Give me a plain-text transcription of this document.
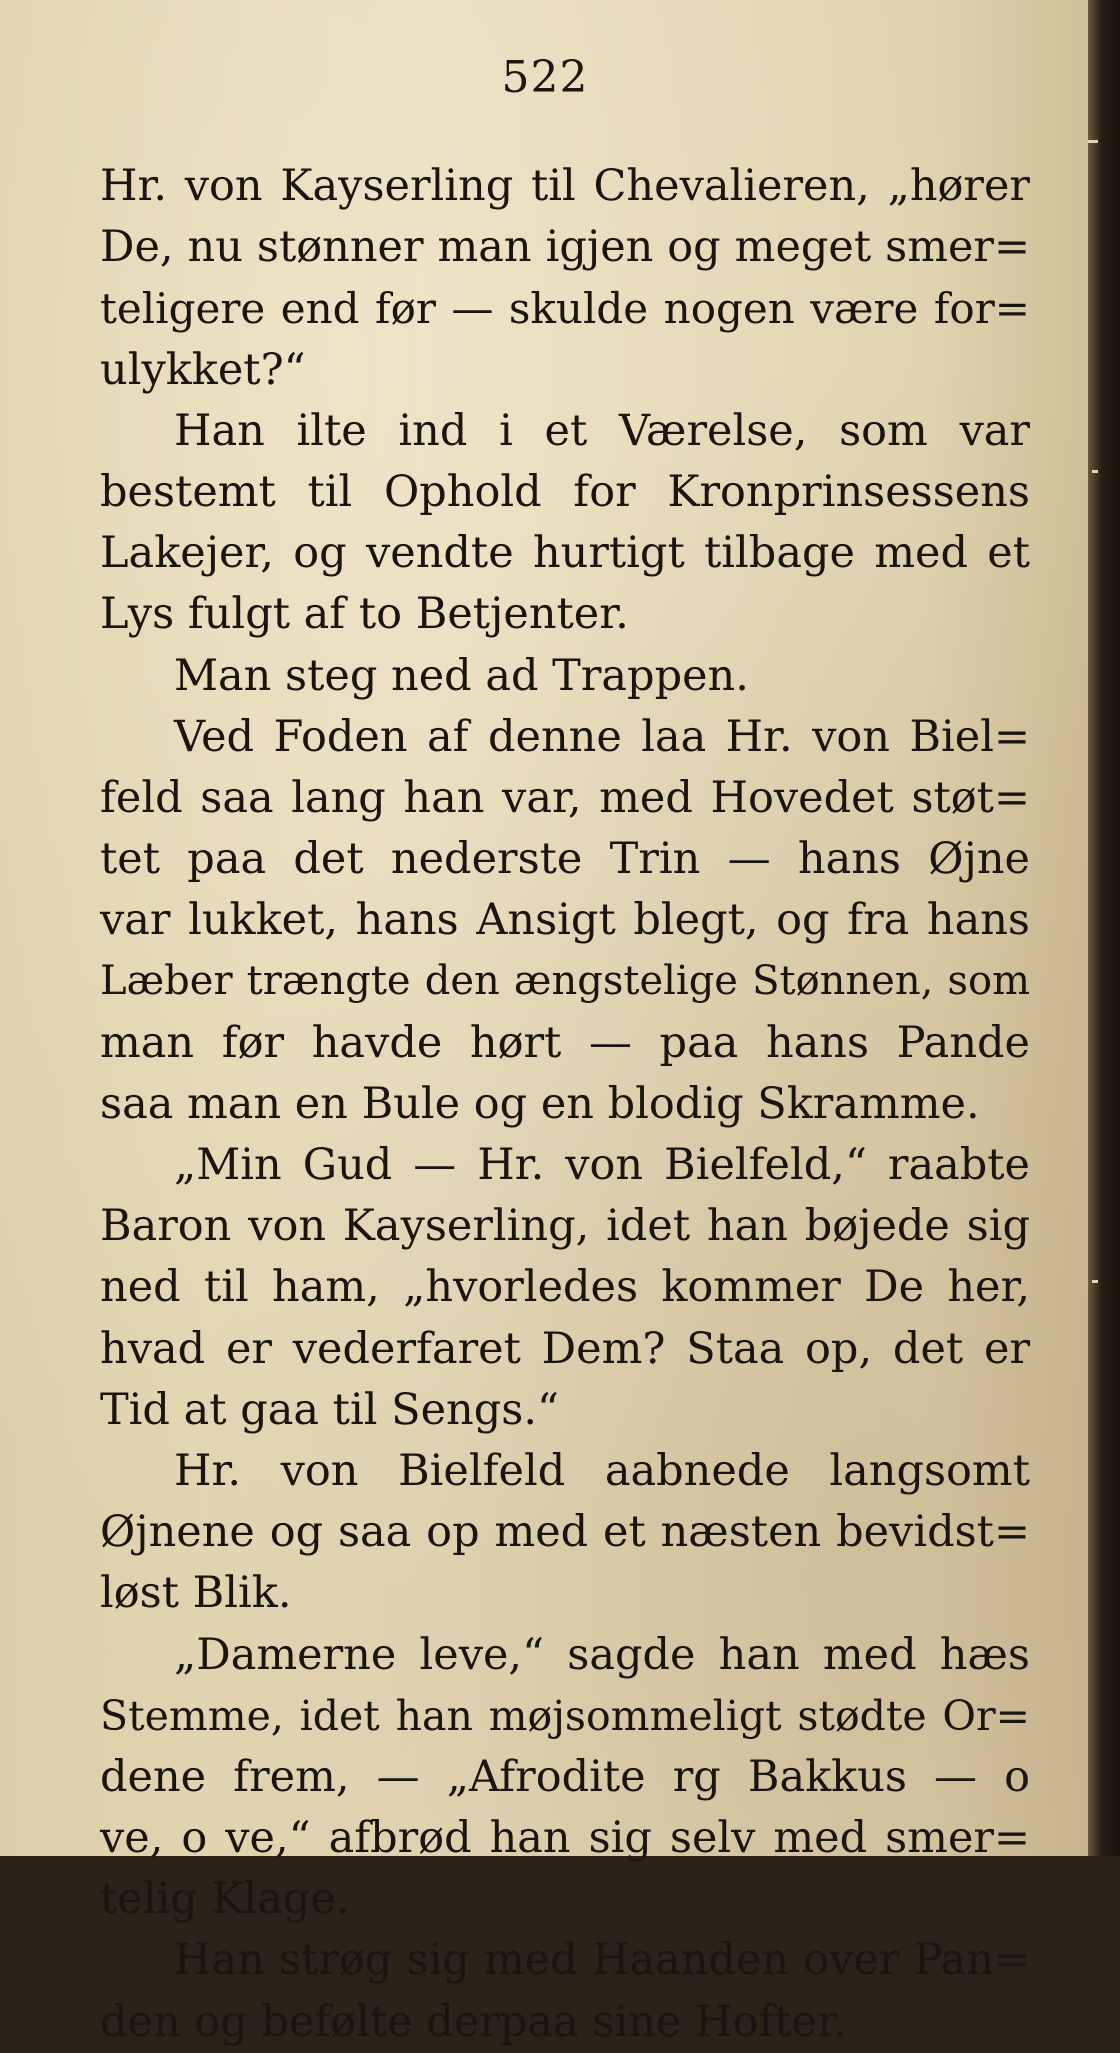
522
Hr. von Kayserling til Chevalieren, „hører
De, nu stønner man igjen og meget smer=
teligere end før — skulde nogen være for=
ulykket?“
Han ilte ind i et Værelse, som var
bestemt til Ophold for Kronprinsessens
Lakejer, og vendte hurtigt tilbage med et
Lys fulgt af to Betjenter.
Man steg ned ad Trappen.
Ved Foden af denne laa Hr. von Biel=
feld saa lang han var, med Hovedet støt=
tet paa det nederste Trin — hans Øjne
var lukket, hans Ansigt blegt, og fra hans
Læber trængte den ængstelige Stønnen, som
man før havde hørt — paa hans Pande
saa man en Bule og en blodig Skramme.
„Min Gud — Hr. von Bielfeld,“ raabte
Baron von Kayserling, idet han bøjede sig
ned til ham, „hvorledes kommer De her,
hvad er vederfaret Dem? Staa op, det er
Tid at gaa til Sengs.“
Hr. von Bielfeld aabnede langsomt
Øjnene og saa op med et næsten bevidst=
løst Blik.
„Damerne leve,“ sagde han med hæs
Stemme, idet han møjsommeligt stødte Or=
dene frem, — „Afrodite rg Bakkus — o
ve, o ve,“ afbrød han sig selv med smer=
telig Klage.
Han strøg sig med Haanden over Pan=
den og befølte derpaa sine Hofter.
